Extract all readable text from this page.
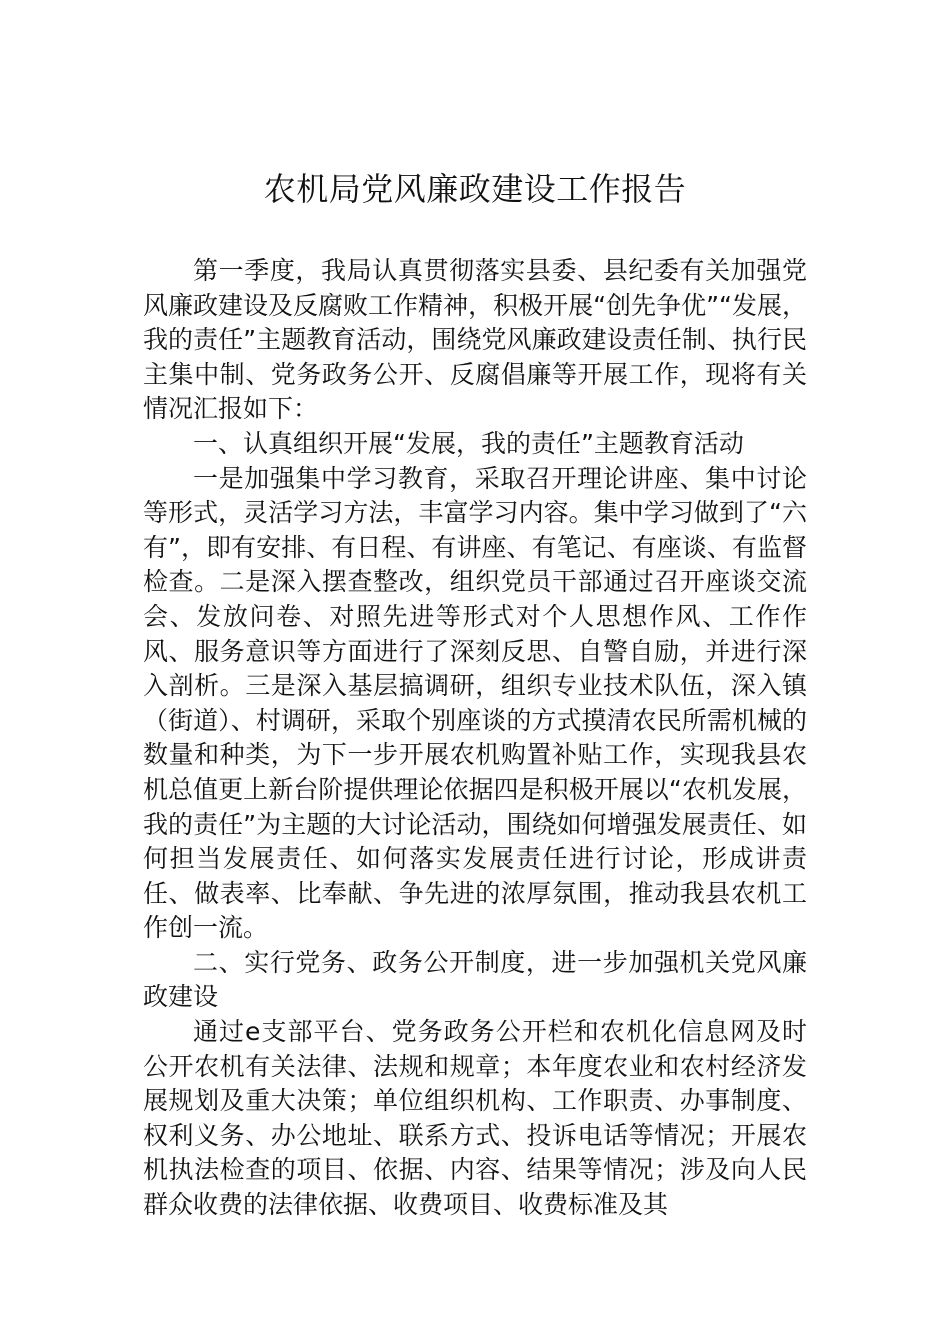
农机局党风廉政建设工作报告

第一季度，我局认真贯彻落实县委、县纪委有关加强党风廉政建设及反腐败工作精神，积极开展“创先争优”“发展，我的责任”主题教育活动，围绕党风廉政建设责任制、执行民主集中制、党务政务公开、反腐倡廉等开展工作，现将有关情况汇报如下：

一、认真组织开展“发展，我的责任”主题教育活动

一是加强集中学习教育，采取召开理论讲座、集中讨论等形式，灵活学习方法，丰富学习内容。集中学习做到了“六有”，即有安排、有日程、有讲座、有笔记、有座谈、有监督检查。二是深入摆查整改，组织党员干部通过召开座谈交流会、发放问卷、对照先进等形式对个人思想作风、工作作风、服务意识等方面进行了深刻反思、自警自励，并进行深入剖析。三是深入基层搞调研，组织专业技术队伍，深入镇（街道）、村调研，采取个别座谈的方式摸清农民所需机械的数量和种类，为下一步开展农机购置补贴工作，实现我县农机总值更上新台阶提供理论依据四是积极开展以“农机发展，我的责任”为主题的大讨论活动，围绕如何增强发展责任、如何担当发展责任、如何落实发展责任进行讨论，形成讲责任、做表率、比奉献、争先进的浓厚氛围，推动我县农机工作创一流。

二、实行党务、政务公开制度，进一步加强机关党风廉政建设

通过e支部平台、党务政务公开栏和农机化信息网及时公开农机有关法律、法规和规章；本年度农业和农村经济发展规划及重大决策；单位组织机构、工作职责、办事制度、权利义务、办公地址、联系方式、投诉电话等情况；开展农机执法检查的项目、依据、内容、结果等情况；涉及向人民群众收费的法律依据、收费项目、收费标准及其
